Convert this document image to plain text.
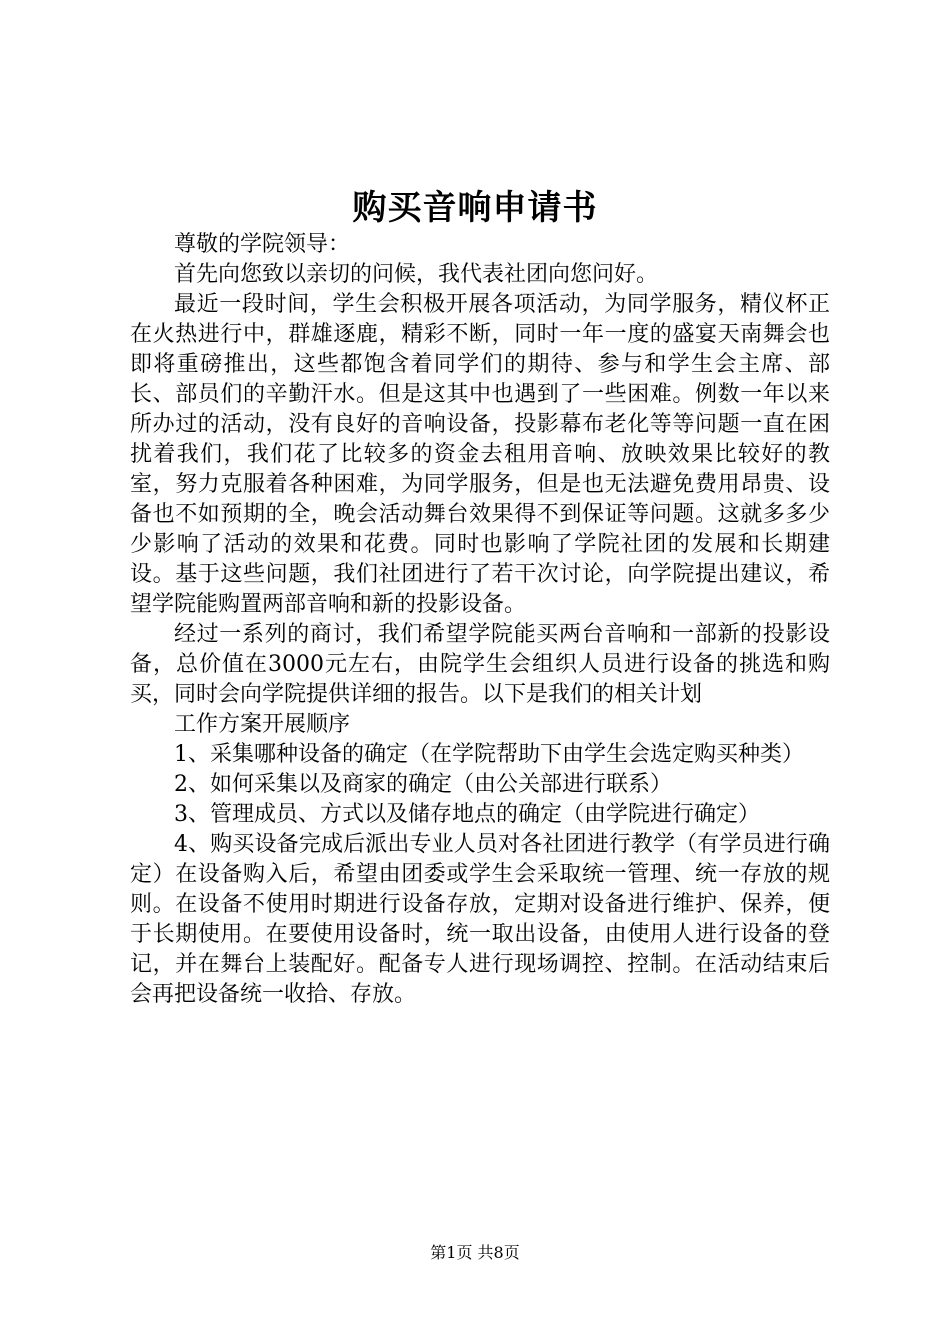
购买音响申请书

尊敬的学院领导：

首先向您致以亲切的问候，我代表社团向您问好。

最近一段时间，学生会积极开展各项活动，为同学服务，精仪杯正在火热进行中，群雄逐鹿，精彩不断，同时一年一度的盛宴天南舞会也即将重磅推出，这些都饱含着同学们的期待、参与和学生会主席、部长、部员们的辛勤汗水。但是这其中也遇到了一些困难。例数一年以来所办过的活动，没有良好的音响设备，投影幕布老化等等问题一直在困扰着我们，我们花了比较多的资金去租用音响、放映效果比较好的教室，努力克服着各种困难，为同学服务，但是也无法避免费用昂贵、设备也不如预期的全，晚会活动舞台效果得不到保证等问题。这就多多少少影响了活动的效果和花费。同时也影响了学院社团的发展和长期建设。基于这些问题，我们社团进行了若干次讨论，向学院提出建议，希望学院能购置两部音响和新的投影设备。

经过一系列的商讨，我们希望学院能买两台音响和一部新的投影设备，总价值在3000元左右，由院学生会组织人员进行设备的挑选和购买，同时会向学院提供详细的报告。以下是我们的相关计划

工作方案开展顺序

1、采集哪种设备的确定（在学院帮助下由学生会选定购买种类）

2、如何采集以及商家的确定（由公关部进行联系）

3、管理成员、方式以及储存地点的确定（由学院进行确定）

4、购买设备完成后派出专业人员对各社团进行教学（有学员进行确定）在设备购入后，希望由团委或学生会采取统一管理、统一存放的规则。在设备不使用时期进行设备存放，定期对设备进行维护、保养，便于长期使用。在要使用设备时，统一取出设备，由使用人进行设备的登记，并在舞台上装配好。配备专人进行现场调控、控制。在活动结束后会再把设备统一收拾、存放。

第1页 共8页
